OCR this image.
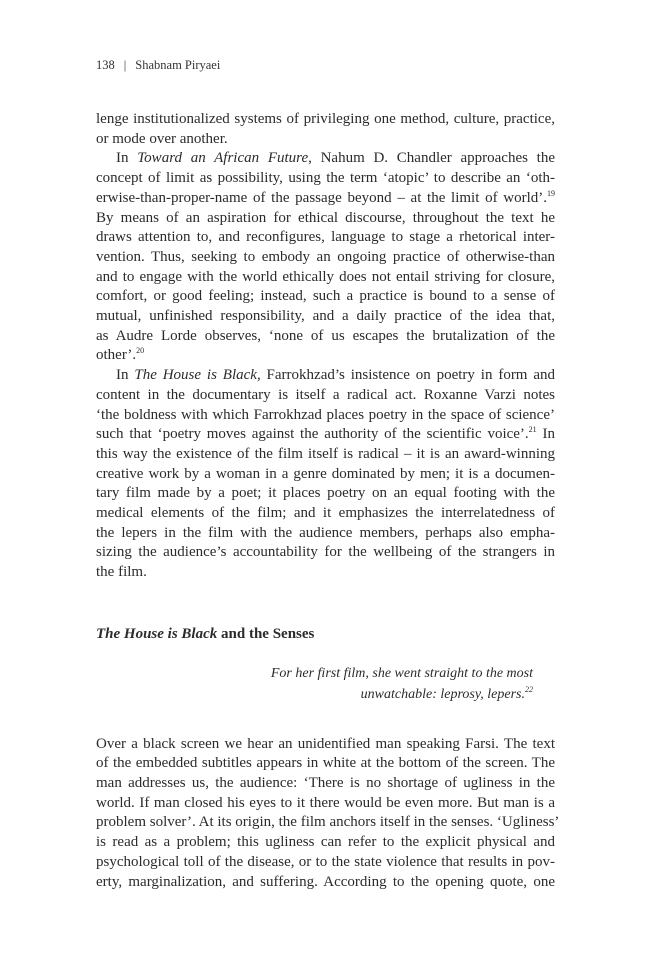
138 | Shabnam Piryaei
lenge institutionalized systems of privileging one method, culture, practice,
or mode over another.
In Toward an African Future, Nahum D. Chandler approaches the
concept of limit as possibility, using the term ‘atopic’ to describe an ‘oth-
erwise-than-proper-name of the passage beyond – at the limit of world’.$^{19}$
By means of an aspiration for ethical discourse, throughout the text he
draws attention to, and reconfigures, language to stage a rhetorical inter-
vention. Thus, seeking to embody an ongoing practice of otherwise-than
and to engage with the world ethically does not entail striving for closure,
comfort, or good feeling; instead, such a practice is bound to a sense of
mutual, unfinished responsibility, and a daily practice of the idea that,
as Audre Lorde observes, ‘none of us escapes the brutalization of the
other’.$^{20}$
In The House is Black, Farrokhzad’s insistence on poetry in form and
content in the documentary is itself a radical act. Roxanne Varzi notes
‘the boldness with which Farrokhzad places poetry in the space of science’
such that ‘poetry moves against the authority of the scientific voice’.$^{21}$ In
this way the existence of the film itself is radical – it is an award-winning
creative work by a woman in a genre dominated by men; it is a documen-
tary film made by a poet; it places poetry on an equal footing with the
medical elements of the film; and it emphasizes the interrelatedness of
the lepers in the film with the audience members, perhaps also empha-
sizing the audience’s accountability for the wellbeing of the strangers in
the film.
The House is Black and the Senses
For her first film, she went straight to the most
unwatchable: leprosy, lepers.$^{22}$
Over a black screen we hear an unidentified man speaking Farsi. The text
of the embedded subtitles appears in white at the bottom of the screen. The
man addresses us, the audience: ‘There is no shortage of ugliness in the
world. If man closed his eyes to it there would be even more. But man is a
problem solver’. At its origin, the film anchors itself in the senses. ‘Ugliness’
is read as a problem; this ugliness can refer to the explicit physical and
psychological toll of the disease, or to the state violence that results in pov-
erty, marginalization, and suffering. According to the opening quote, one
